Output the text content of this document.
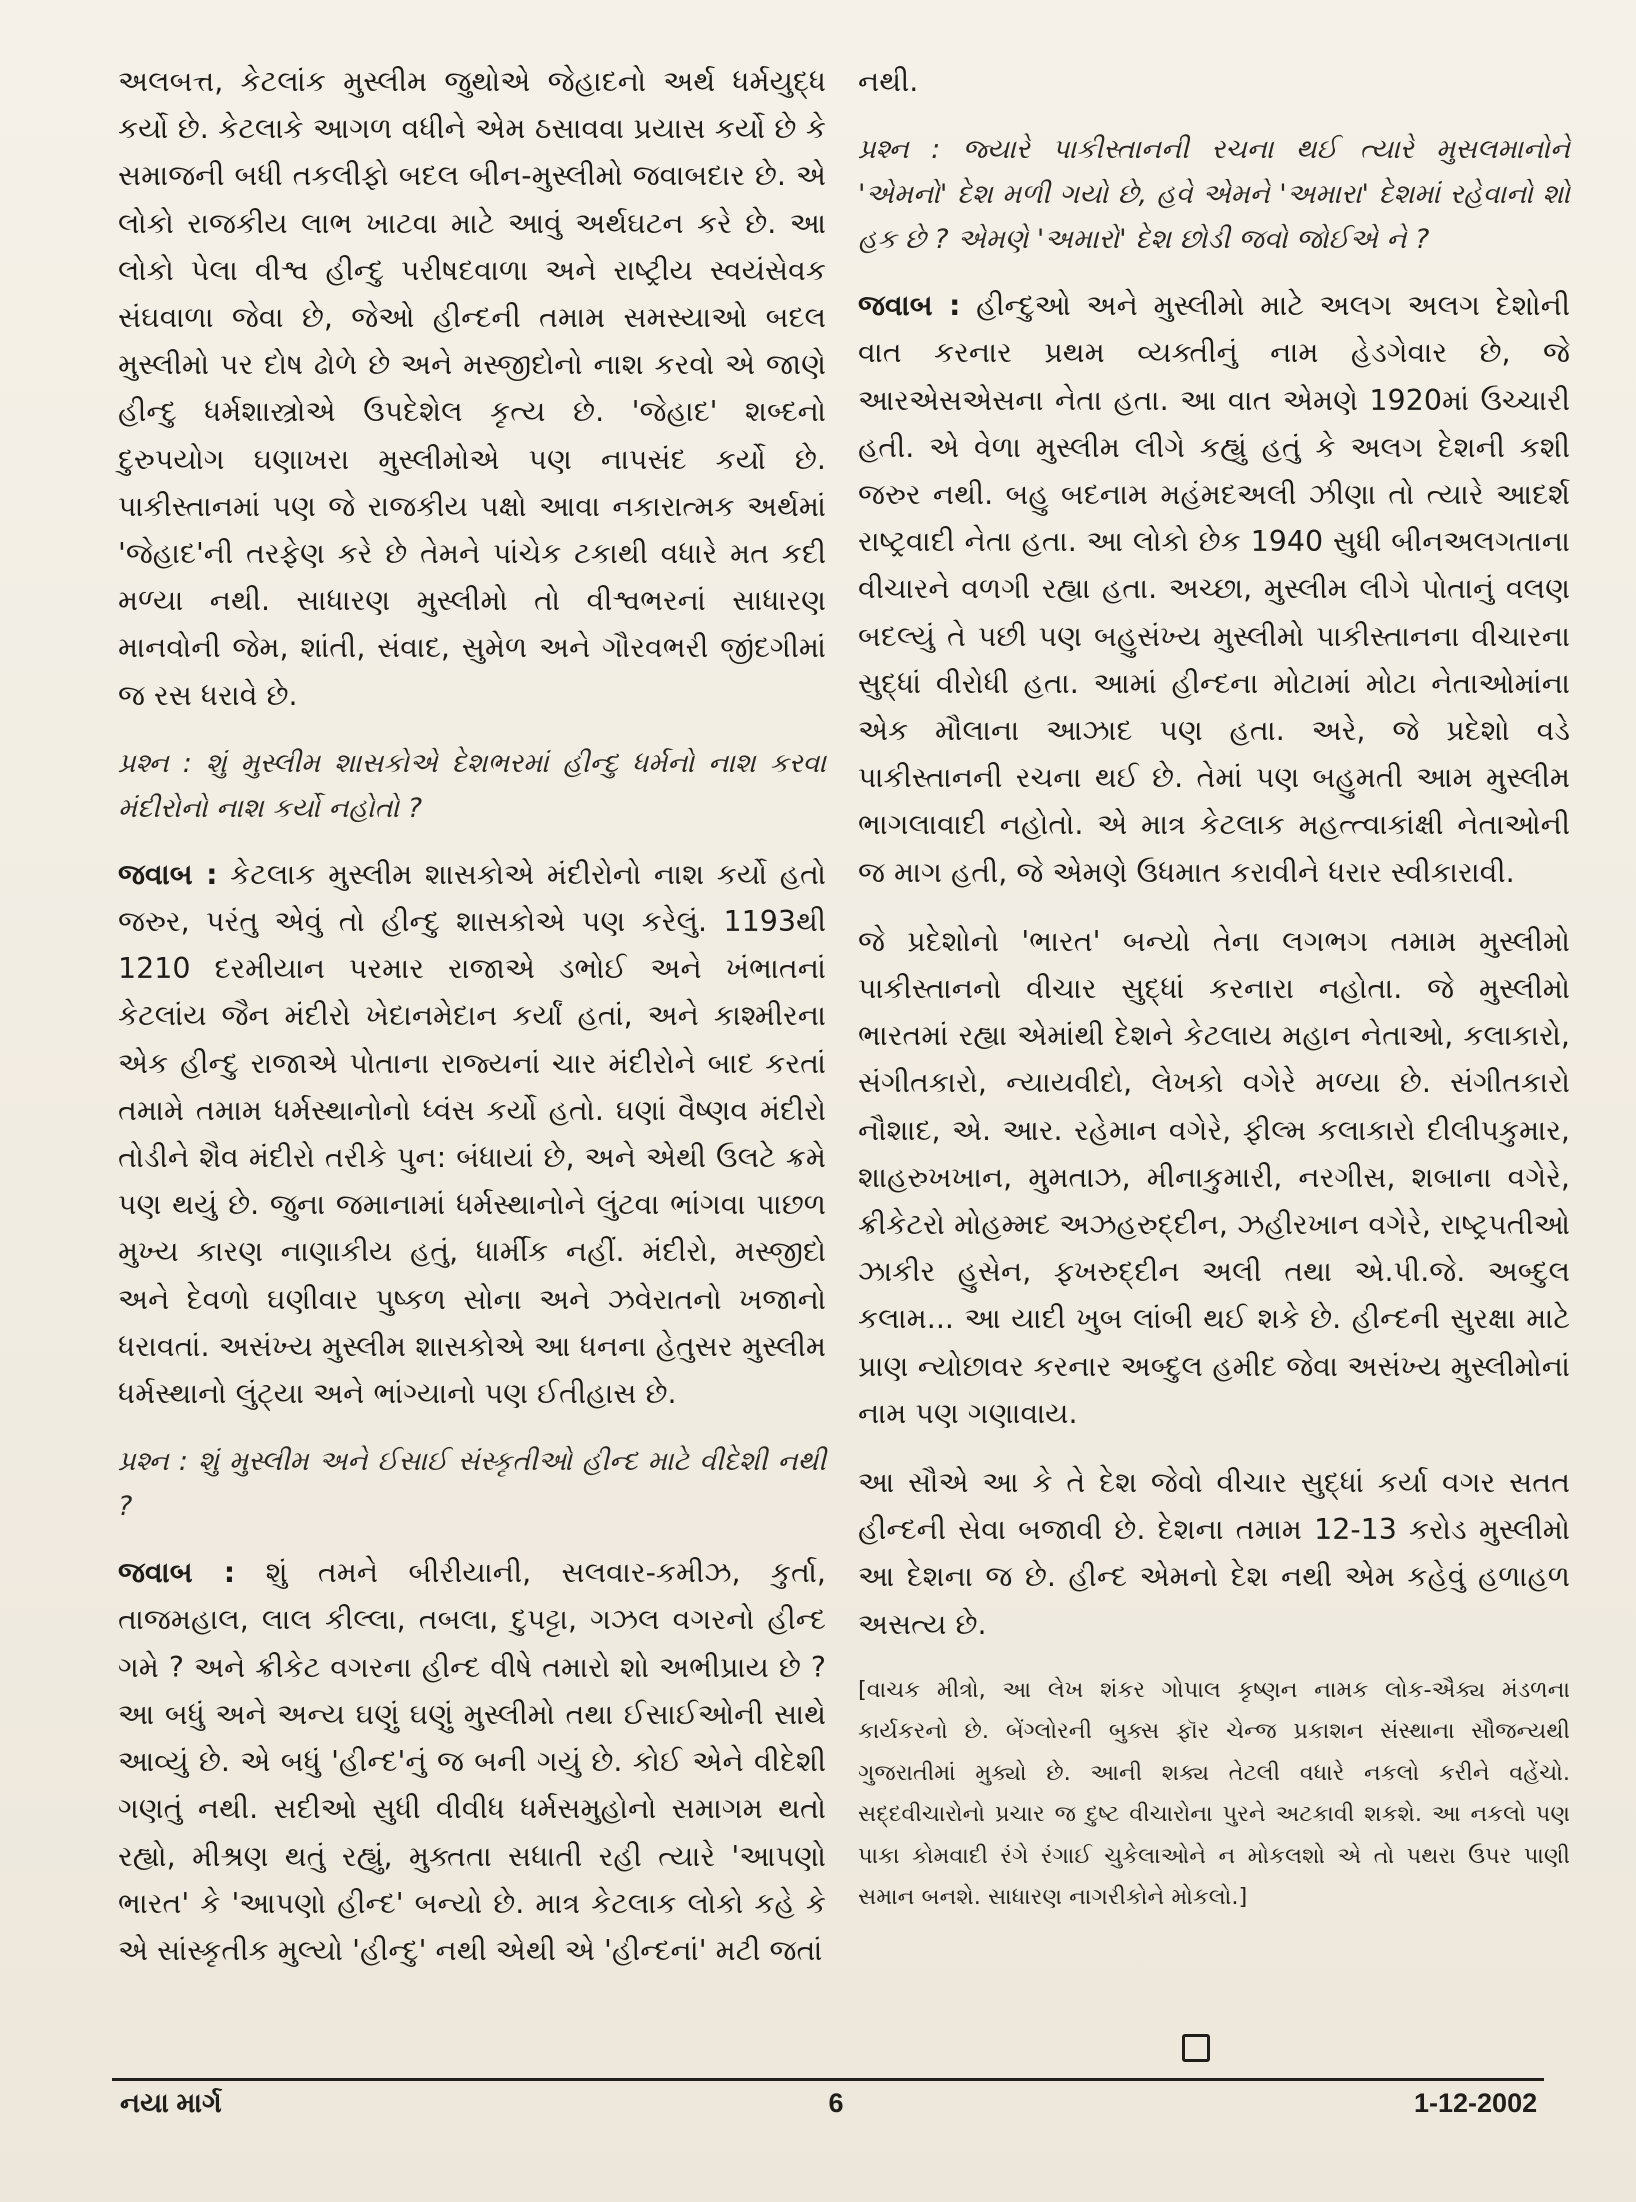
અલબત્ત, કેટલાંક મુસ્લીમ જુથોએ જેહાદનો અર્થ ધર્મયુદ્ધ કર્યો છે. કેટલાકે આગળ વધીને એમ ઠસાવવા પ્રયાસ કર્યો છે કે સમાજની બધી તકલીફો બદલ બીન-મુસ્લીમો જવાબદાર છે. એ લોકો રાજકીય લાભ ખાટવા માટે આવું અર્થઘટન કરે છે. આ લોકો પેલા વીશ્વ હીન્દુ પરીષદવાળા અને રાષ્ટ્રીય સ્વયંસેવક સંઘવાળા જેવા છે, જેઓ હીન્દની તમામ સમસ્યાઓ બદલ મુસ્લીમો પર દોષ ઢોળે છે અને મસ્જીદોનો નાશ કરવો એ જાણે હીન્દુ ધર્મશાસ્ત્રોએ ઉપદેશેલ કૃત્ય છે. 'જેહાદ' શબ્દનો દુરુપયોગ ઘણાખરા મુસ્લીમોએ પણ નાપસંદ કર્યો છે. પાકીસ્તાનમાં પણ જે રાજકીય પક્ષો આવા નકારાત્મક અર્થમાં 'જેહાદ'ની તરફેણ કરે છે તેમને પાંચેક ટકાથી વધારે મત કદી મળ્યા નથી. સાધારણ મુસ્લીમો તો વીશ્વભરનાં સાધારણ માનવોની જેમ, શાંતી, સંવાદ, સુમેળ અને ગૌરવભરી જીંદગીમાં જ રસ ધરાવે છે.

પ્રશ્ન : શું મુસ્લીમ શાસકોએ દેશભરમાં હીન્દુ ધર્મનો નાશ કરવા મંદીરોનો નાશ કર્યો નહોતો ?

જવાબ : કેટલાક મુસ્લીમ શાસકોએ મંદીરોનો નાશ કર્યો હતો જરુર, પરંતુ એવું તો હીન્દુ શાસકોએ પણ કરેલું. 1193થી 1210 દરમીયાન પરમાર રાજાએ ડભોઈ અને ખંભાતનાં કેટલાંય જૈન મંદીરો ખેદાનમેદાન કર્યાં હતાં, અને કાશ્મીરના એક હીન્દુ રાજાએ પોતાના રાજ્યનાં ચાર મંદીરોને બાદ કરતાં તમામે તમામ ધર્મસ્થાનોનો ધ્વંસ કર્યો હતો. ઘણાં વૈષ્ણવ મંદીરો તોડીને શૈવ મંદીરો તરીકે પુન: બંધાયાં છે, અને એથી ઉલટે ક્રમે પણ થયું છે. જુના જમાનામાં ધર્મસ્થાનોને લુંટવા ભાંગવા પાછળ મુખ્ય કારણ નાણાકીય હતું, ધાર્મીક નહીં. મંદીરો, મસ્જીદો અને દેવળો ઘણીવાર પુષ્કળ સોના અને ઝવેરાતનો ખજાનો ધરાવતાં. અસંખ્ય મુસ્લીમ શાસકોએ આ ધનના હેતુસર મુસ્લીમ ધર્મસ્થાનો લુંટ્યા અને ભાંગ્યાનો પણ ઈતીહાસ છે.

પ્રશ્ન : શું મુસ્લીમ અને ઈસાઈ સંસ્કૃતીઓ હીન્દ માટે વીદેશી નથી ?

જવાબ : શું તમને બીરીયાની, સલવાર-કમીઝ, કુર્તા, તાજમહાલ, લાલ કીલ્લા, તબલા, દુપટ્ટા, ગઝલ વગરનો હીન્દ ગમે ? અને ક્રીકેટ વગરના હીન્દ વીષે તમારો શો અભીપ્રાય છે ? આ બધું અને અન્ય ઘણું ઘણું મુસ્લીમો તથા ઈસાઈઓની સાથે આવ્યું છે. એ બધું 'હીન્દ'નું જ બની ગયું છે. કોઈ એને વીદેશી ગણતું નથી. સદીઓ સુધી વીવીધ ધર્મસમુહોનો સમાગમ થતો રહ્યો, મીશ્રણ થતું રહ્યું, મુક્તતા સધાતી રહી ત્યારે 'આપણો ભારત' કે 'આપણો હીન્દ' બન્યો છે. માત્ર કેટલાક લોકો કહે કે એ સાંસ્કૃતીક મુલ્યો 'હીન્દુ' નથી એથી એ 'હીન્દનાં' મટી જતાં

નથી.

પ્રશ્ન : જ્યારે પાકીસ્તાનની રચના થઈ ત્યારે મુસલમાનોને 'એમનો' દેશ મળી ગયો છે, હવે એમને 'અમારા' દેશમાં રહેવાનો શો હક છે ? એમણે 'અમારો' દેશ છોડી જવો જોઈએ ને ?

જવાબ : હીન્દુઓ અને મુસ્લીમો માટે અલગ અલગ દેશોની વાત કરનાર પ્રથમ વ્યક્તીનું નામ હેડગેવાર છે, જે આરએસએસના નેતા હતા. આ વાત એમણે 1920માં ઉચ્ચારી હતી. એ વેળા મુસ્લીમ લીગે કહ્યું હતું કે અલગ દેશની કશી જરુર નથી. બહુ બદનામ મહંમદઅલી ઝીણા તો ત્યારે આદર્શ રાષ્ટ્રવાદી નેતા હતા. આ લોકો છેક 1940 સુધી બીનઅલગતાના વીચારને વળગી રહ્યા હતા. અચ્છા, મુસ્લીમ લીગે પોતાનું વલણ બદલ્યું તે પછી પણ બહુસંખ્ય મુસ્લીમો પાકીસ્તાનના વીચારના સુદ્ધાં વીરોધી હતા. આમાં હીન્દના મોટામાં મોટા નેતાઓમાંના એક મૌલાના આઝાદ પણ હતા. અરે, જે પ્રદેશો વડે પાકીસ્તાનની રચના થઈ છે. તેમાં પણ બહુમતી આમ મુસ્લીમ ભાગલાવાદી નહોતો. એ માત્ર કેટલાક મહત્ત્વાકાંક્ષી નેતાઓની જ માગ હતી, જે એમણે ઉધમાત કરાવીને ધરાર સ્વીકારાવી.

જે પ્રદેશોનો 'ભારત' બન્યો તેના લગભગ તમામ મુસ્લીમો પાકીસ્તાનનો વીચાર સુદ્ધાં કરનારા નહોતા. જે મુસ્લીમો ભારતમાં રહ્યા એમાંથી દેશને કેટલાય મહાન નેતાઓ, કલાકારો, સંગીતકારો, ન્યાયવીદો, લેખકો વગેરે મળ્યા છે. સંગીતકારો નૌશાદ, એ. આર. રહેમાન વગેરે, ફીલ્મ કલાકારો દીલીપકુમાર, શાહરુખખાન, મુમતાઝ, મીનાકુમારી, નરગીસ, શબાના વગેરે, ક્રીકેટરો મોહમ્મદ અઝહરુદ્દીન, ઝહીરખાન વગેરે, રાષ્ટ્રપતીઓ ઝાકીર હુસેન, ફખરુદ્દીન અલી તથા એ.પી.જે. અબ્દુલ કલામ... આ યાદી ખુબ લાંબી થઈ શકે છે. હીન્દની સુરક્ષા માટે પ્રાણ ન્યોછાવર કરનાર અબ્દુલ હમીદ જેવા અસંખ્ય મુસ્લીમોનાં નામ પણ ગણાવાય.

આ સૌએ આ કે તે દેશ જેવો વીચાર સુદ્ધાં કર્યા વગર સતત હીન્દની સેવા બજાવી છે. દેશના તમામ 12-13 કરોડ મુસ્લીમો આ દેશના જ છે. હીન્દ એમનો દેશ નથી એમ કહેવું હળાહળ અસત્ય છે.

[વાચક મીત્રો, આ લેખ શંકર ગોપાલ કૃષ્ણન નામક લોક-ઐક્ય મંડળના કાર્યકરનો છે. બેંગ્લોરની બુક્સ ફૉર ચેન્જ પ્રકાશન સંસ્થાના સૌજન્યથી ગુજરાતીમાં મુક્યો છે. આની શક્ય તેટલી વધારે નકલો કરીને વહેંચો. સદ્દવીચારોનો પ્રચાર જ દુષ્ટ વીચારોના પુરને અટકાવી શકશે. આ નકલો પણ પાકા કોમવાદી રંગે રંગાઈ ચુકેલાઓને ન મોકલશો એ તો પથરા ઉપર પાણી સમાન બનશે. સાધારણ નાગરીકોને મોકલો.]

નયા માર્ગ	6	1-12-2002
